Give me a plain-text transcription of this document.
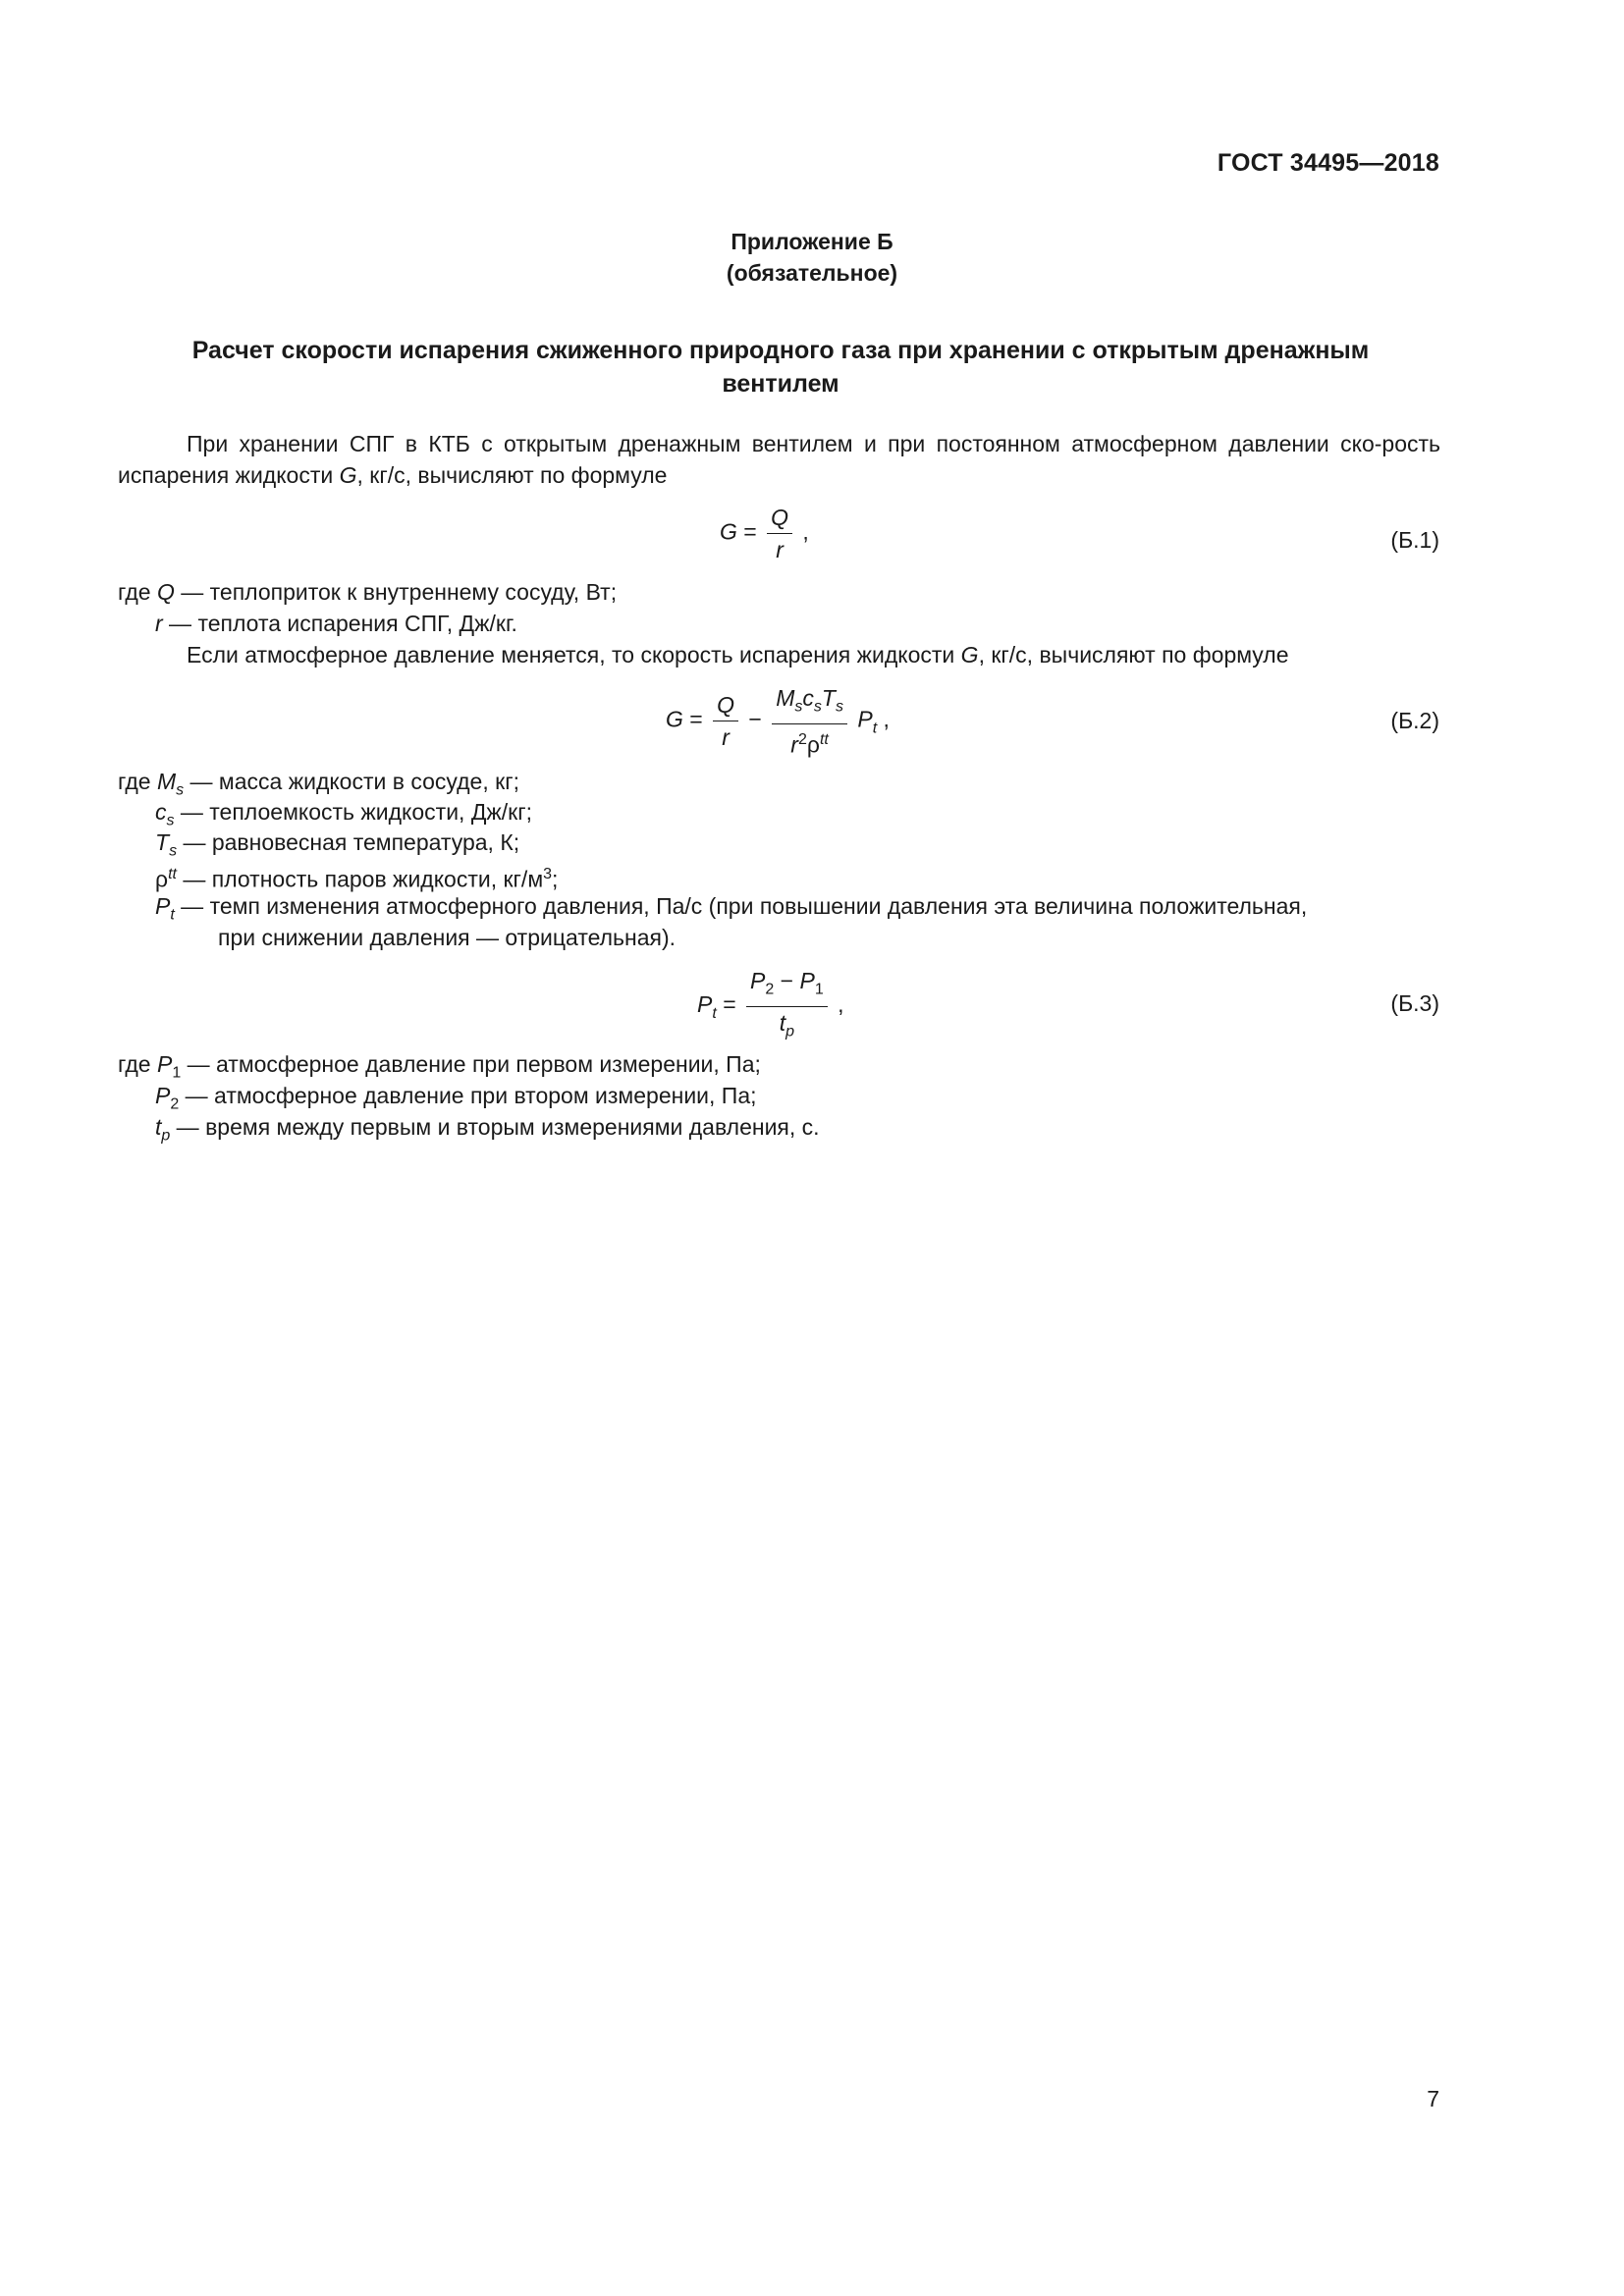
ГОСТ 34495—2018
Приложение Б
(обязательное)
Расчет скорости испарения сжиженного природного газа при хранении с открытым дренажным
вентилем
При хранении СПГ в КТБ с открытым дренажным вентилем и при постоянном атмосферном давлении ско-рость испарения жидкости G, кг/с, вычисляют по формуле
$G = \frac{Q}{r}$ ,	(Б.1)
где Q — теплоприток к внутреннему сосуду, Вт;
r — теплота испарения СПГ, Дж/кг.
Если атмосферное давление меняется, то скорость испарения жидкости G, кг/с, вычисляют по формуле
$G = \frac{Q}{r} - \frac{M_sc_sT_s}{r^2\rho^{tt}} P_t$ ,	(Б.2)
где $M_s$ — масса жидкости в сосуде, кг;
$c_s$ — теплоемкость жидкости, Дж/кг;
$T_s$ — равновесная температура, К;
$\rho^{tt}$ — плотность паров жидкости, $кг/м^3$;
$P_t$ — темп изменения атмосферного давления, Па/с (при повышении давления эта величина положительная,
при снижении давления — отрицательная).
$P_t = \frac{P_2 - P_1}{t_p}$ ,	(Б.3)
где $P_1$ — атмосферное давление при первом измерении, Па;
$P_2$ — атмосферное давление при втором измерении, Па;
$t_p$ — время между первым и вторым измерениями давления, с.
7
